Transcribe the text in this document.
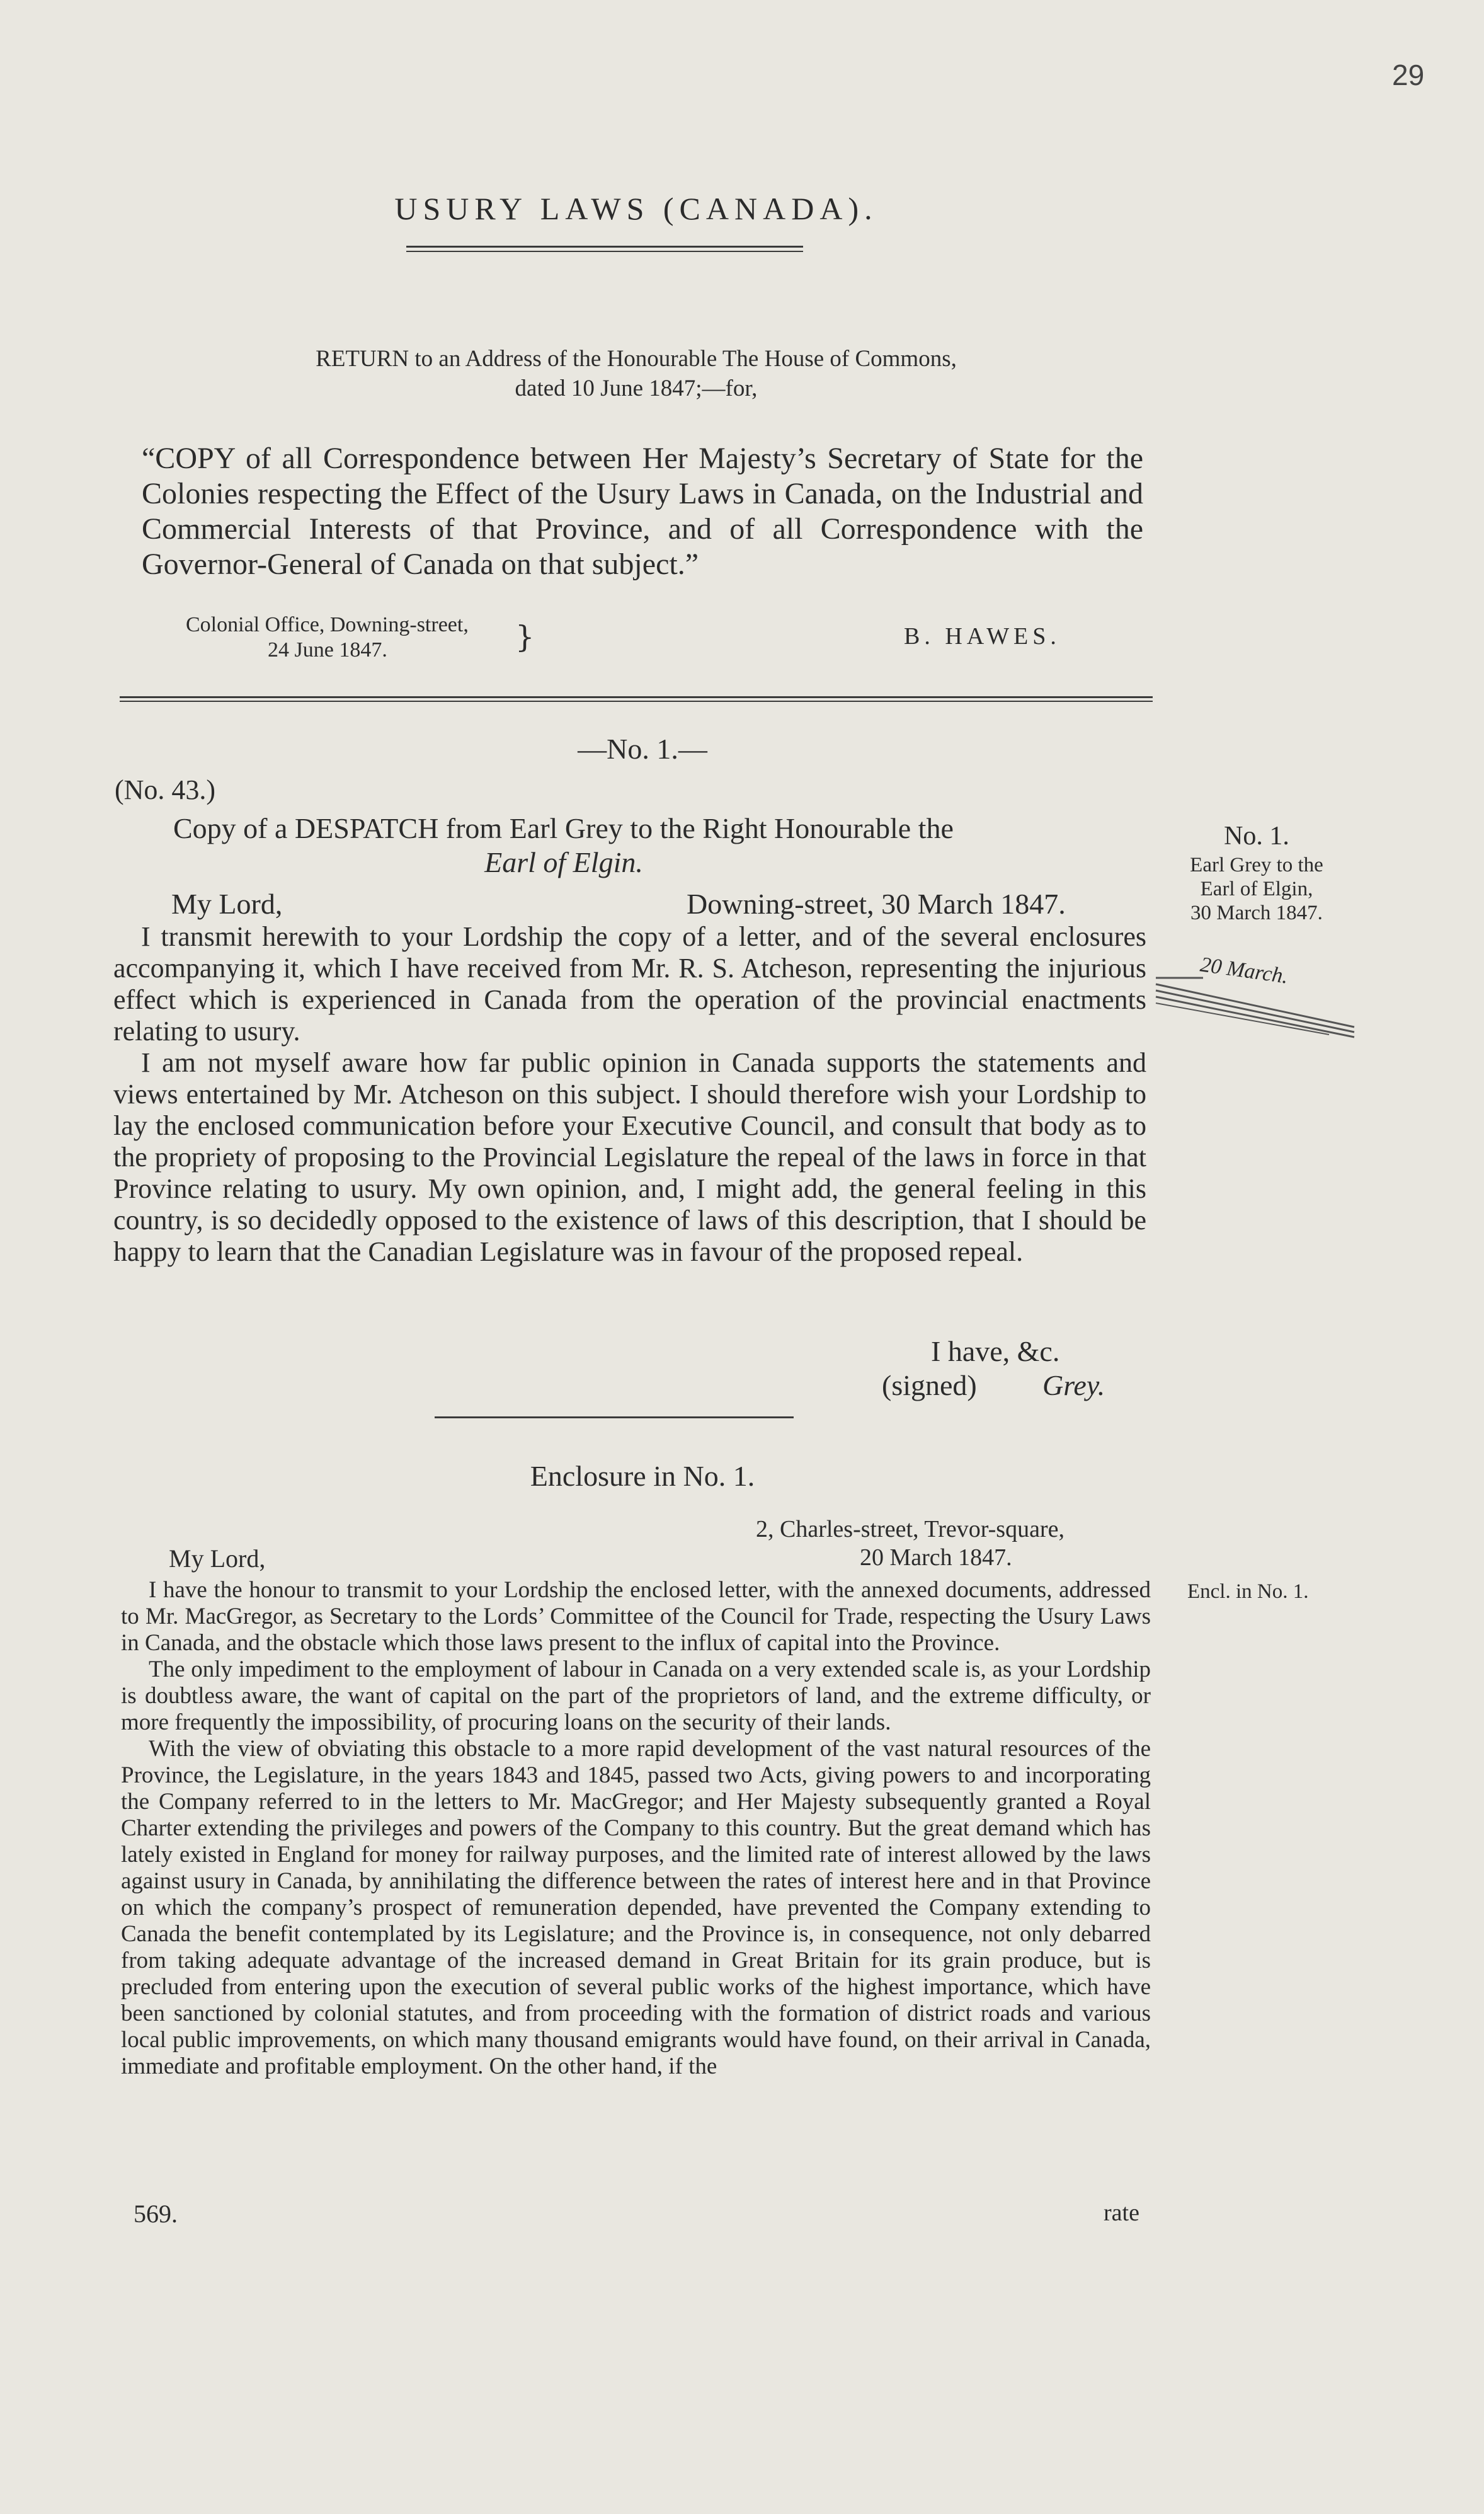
29
USURY LAWS (CANADA).
RETURN to an Address of the Honourable The House of Commons,
dated 10 June 1847;—for,
“COPY of all Correspondence between Her Majesty’s Secretary of State for the Colonies respecting the Effect of the Usury Laws in Canada, on the Industrial and Commercial Interests of that Province, and of all Correspondence with the Governor-General of Canada on that subject.”
Colonial Office, Downing-street,
24 June 1847.	}	B. HAWES.
—No. 1.—
(No. 43.)
Copy of a DESPATCH from Earl Grey to the Right Honourable the
Earl of Elgin.
No. 1.
Earl Grey to the
Earl of Elgin,
30 March 1847.
20 March.
My Lord,	Downing-street, 30 March 1847.

I transmit herewith to your Lordship the copy of a letter, and of the several enclosures accompanying it, which I have received from Mr. R. S. Atcheson, representing the injurious effect which is experienced in Canada from the operation of the provincial enactments relating to usury.

I am not myself aware how far public opinion in Canada supports the statements and views entertained by Mr. Atcheson on this subject. I should therefore wish your Lordship to lay the enclosed communication before your Executive Council, and consult that body as to the propriety of proposing to the Provincial Legislature the repeal of the laws in force in that Province relating to usury. My own opinion, and, I might add, the general feeling in this country, is so decidedly opposed to the existence of laws of this description, that I should be happy to learn that the Canadian Legislature was in favour of the proposed repeal.

I have, &c.
(signed) Grey.
Enclosure in No. 1.
2, Charles-street, Trevor-square,
My Lord,	20 March 1847.
Encl. in No. 1.

I have the honour to transmit to your Lordship the enclosed letter, with the annexed documents, addressed to Mr. MacGregor, as Secretary to the Lords’ Committee of the Council for Trade, respecting the Usury Laws in Canada, and the obstacle which those laws present to the influx of capital into the Province.

The only impediment to the employment of labour in Canada on a very extended scale is, as your Lordship is doubtless aware, the want of capital on the part of the proprietors of land, and the extreme difficulty, or more frequently the impossibility, of procuring loans on the security of their lands.

With the view of obviating this obstacle to a more rapid development of the vast natural resources of the Province, the Legislature, in the years 1843 and 1845, passed two Acts, giving powers to and incorporating the Company referred to in the letters to Mr. MacGregor; and Her Majesty subsequently granted a Royal Charter extending the privileges and powers of the Company to this country. But the great demand which has lately existed in England for money for railway purposes, and the limited rate of interest allowed by the laws against usury in Canada, by annihilating the difference between the rates of interest here and in that Province on which the company’s prospect of remuneration depended, have prevented the Company extending to Canada the benefit contemplated by its Legislature; and the Province is, in consequence, not only debarred from taking adequate advantage of the increased demand in Great Britain for its grain produce, but is precluded from entering upon the execution of several public works of the highest importance, which have been sanctioned by colonial statutes, and from proceeding with the formation of district roads and various local public improvements, on which many thousand emigrants would have found, on their arrival in Canada, immediate and profitable employment. On the other hand, if the

569.	rate
